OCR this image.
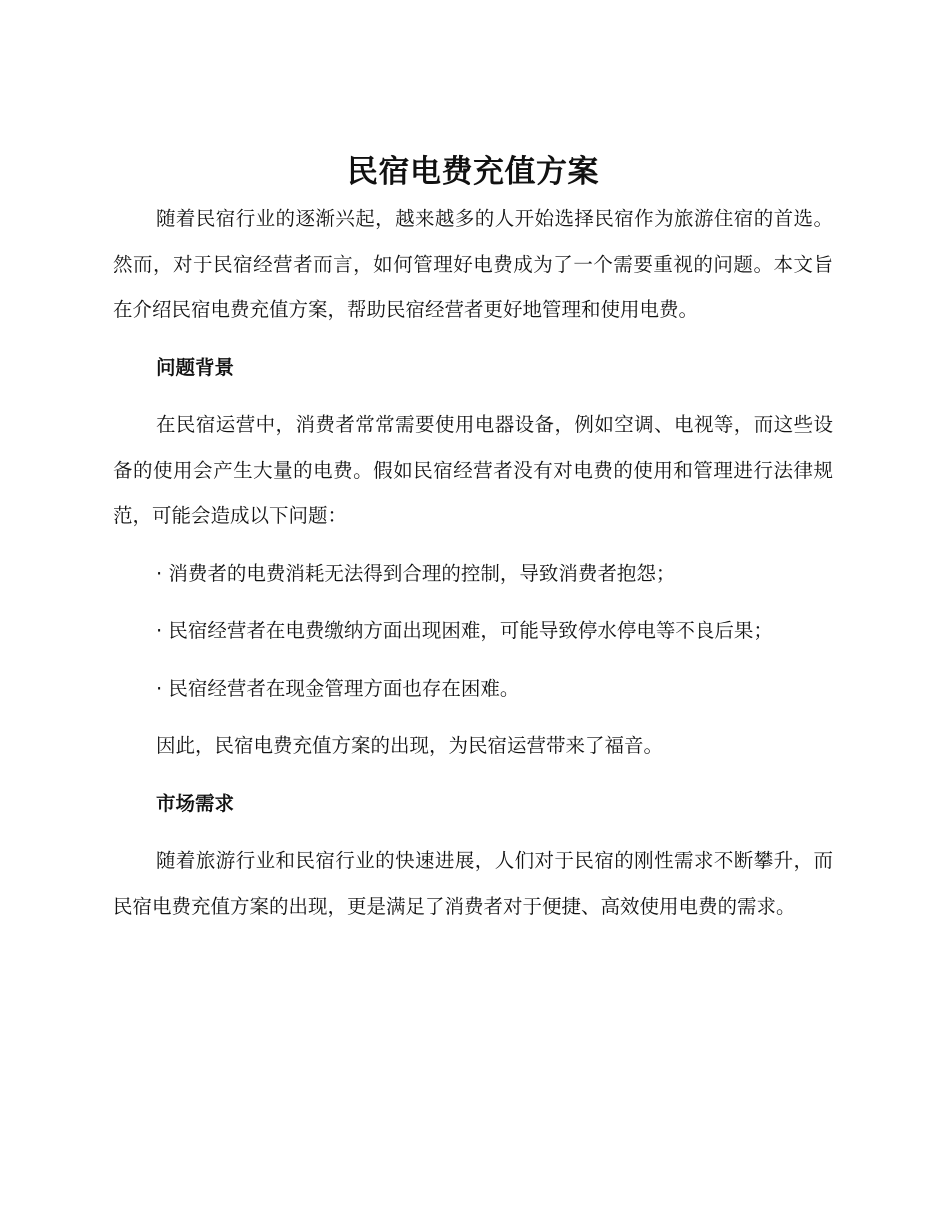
民宿电费充值方案

随着民宿行业的逐渐兴起，越来越多的人开始选择民宿作为旅游住宿的首选。然而，对于民宿经营者而言，如何管理好电费成为了一个需要重视的问题。本文旨在介绍民宿电费充值方案，帮助民宿经营者更好地管理和使用电费。

问题背景

在民宿运营中，消费者常常需要使用电器设备，例如空调、电视等，而这些设备的使用会产生大量的电费。假如民宿经营者没有对电费的使用和管理进行法律规范，可能会造成以下问题：

· 消费者的电费消耗无法得到合理的控制，导致消费者抱怨；

· 民宿经营者在电费缴纳方面出现困难，可能导致停水停电等不良后果；

· 民宿经营者在现金管理方面也存在困难。

因此，民宿电费充值方案的出现，为民宿运营带来了福音。

市场需求

随着旅游行业和民宿行业的快速进展，人们对于民宿的刚性需求不断攀升，而民宿电费充值方案的出现，更是满足了消费者对于便捷、高效使用电费的需求。
